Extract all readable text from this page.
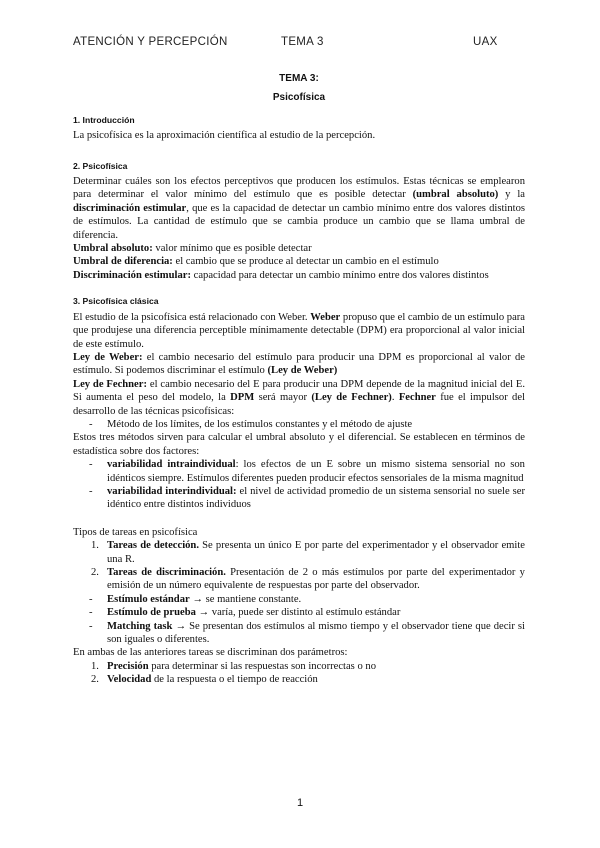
ATENCIÓN Y PERCEPCIÓN	TEMA 3	UAX
TEMA 3:
Psicofísica
1. Introducción

La psicofísica es la aproximación científica al estudio de la percepción.

2. Psicofísica

Determinar cuáles son los efectos perceptivos que producen los estímulos. Estas técnicas se emplearon para determinar el valor mínimo del estímulo que es posible detectar (umbral absoluto) y la discriminación estimular, que es la capacidad de detectar un cambio mínimo entre dos valores distintos de estímulos. La cantidad de estímulo que se cambia produce un cambio que se llama umbral de diferencia.

Umbral absoluto: valor mínimo que es posible detectar

Umbral de diferencia: el cambio que se produce al detectar un cambio en el estímulo

Discriminación estimular: capacidad para detectar un cambio mínimo entre dos valores distintos

3. Psicofísica clásica

El estudio de la psicofísica está relacionado con Weber. Weber propuso que el cambio de un estímulo para que produjese una diferencia perceptible mínimamente detectable (DPM) era proporcional al valor inicial de este estímulo.

Ley de Weber: el cambio necesario del estímulo para producir una DPM es proporcional al valor de estímulo. Si podemos discriminar el estímulo (Ley de Weber)

Ley de Fechner: el cambio necesario del E para producir una DPM depende de la magnitud inicial del E. Si aumenta el peso del modelo, la DPM será mayor (Ley de Fechner). Fechner fue el impulsor del desarrollo de las técnicas psicofísicas:

- Método de los límites, de los estímulos constantes y el método de ajuste

Estos tres métodos sirven para calcular el umbral absoluto y el diferencial. Se establecen en términos de estadística sobre dos factores:

- variabilidad intraindividual: los efectos de un E sobre un mismo sistema sensorial no son idénticos siempre. Estímulos diferentes pueden producir efectos sensoriales de la misma magnitud
- variabilidad interindividual: el nivel de actividad promedio de un sistema sensorial no suele ser idéntico entre distintos individuos

Tipos de tareas en psicofísica

1. Tareas de detección. Se presenta un único E por parte del experimentador y el observador emite una R.
2. Tareas de discriminación. Presentación de 2 o más estímulos por parte del experimentador y emisión de un número equivalente de respuestas por parte del observador.
- Estímulo estándar → se mantiene constante.
- Estímulo de prueba → varía, puede ser distinto al estímulo estándar
- Matching task → Se presentan dos estímulos al mismo tiempo y el observador tiene que decir si son iguales o diferentes.

En ambas de las anteriores tareas se discriminan dos parámetros:

1. Precisión para determinar si las respuestas son incorrectas o no
2. Velocidad de la respuesta o el tiempo de reacción
1
